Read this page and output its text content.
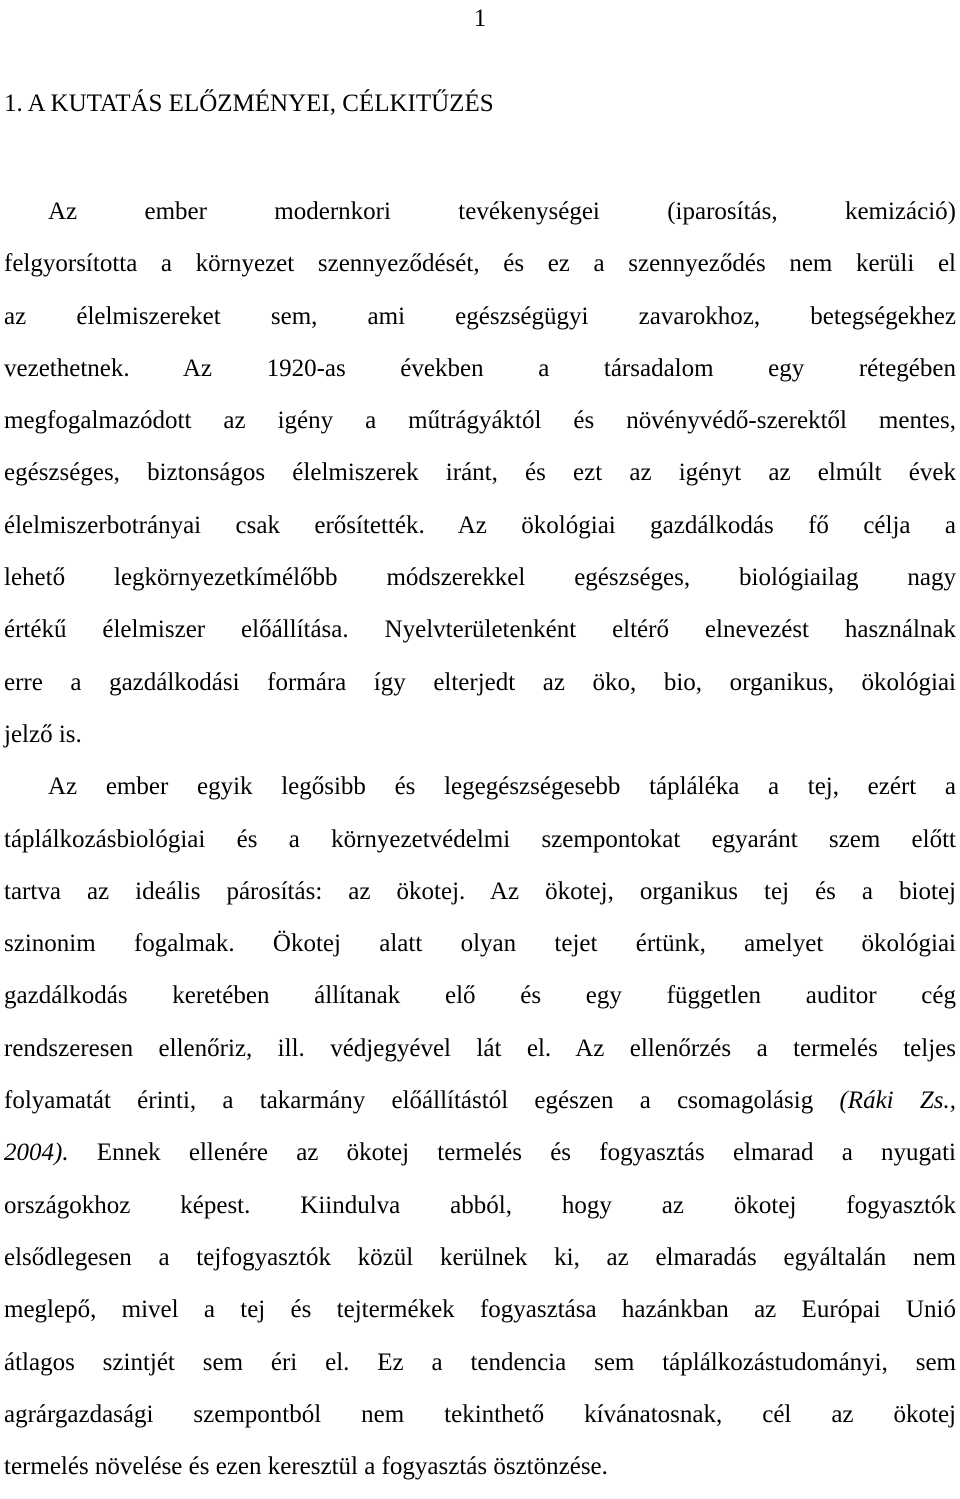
1
1. A KUTATÁS ELŐZMÉNYEI, CÉLKITŰZÉS
Az ember modernkori tevékenységei (iparosítás, kemizáció)
felgyorsította a környezet szennyeződését, és ez a szennyeződés nem kerüli el
az élelmiszereket sem, ami egészségügyi zavarokhoz, betegségekhez
vezethetnek. Az 1920-as években a társadalom egy rétegében
megfogalmazódott az igény a műtrágyáktól és növényvédő-szerektől mentes,
egészséges, biztonságos élelmiszerek iránt, és ezt az igényt az elmúlt évek
élelmiszerbotrányai csak erősítették. Az ökológiai gazdálkodás fő célja a
lehető legkörnyezetkímélőbb módszerekkel egészséges, biológiailag nagy
értékű élelmiszer előállítása. Nyelvterületenként eltérő elnevezést használnak
erre a gazdálkodási formára így elterjedt az öko, bio, organikus, ökológiai
jelző is.
Az ember egyik legősibb és legegészségesebb tápláléka a tej, ezért a
táplálkozásbiológiai és a környezetvédelmi szempontokat egyaránt szem előtt
tartva az ideális párosítás: az ökotej. Az ökotej, organikus tej és a biotej
szinonim fogalmak. Ökotej alatt olyan tejet értünk, amelyet ökológiai
gazdálkodás keretében állítanak elő és egy független auditor cég
rendszeresen ellenőriz, ill. védjegyével lát el. Az ellenőrzés a termelés teljes
folyamatát érinti, a takarmány előállítástól egészen a csomagolásig (Ráki Zs.,
2004). Ennek ellenére az ökotej termelés és fogyasztás elmarad a nyugati
országokhoz képest. Kiindulva abból, hogy az ökotej fogyasztók
elsődlegesen a tejfogyasztók közül kerülnek ki, az elmaradás egyáltalán nem
meglepő, mivel a tej és tejtermékek fogyasztása hazánkban az Európai Unió
átlagos szintjét sem éri el. Ez a tendencia sem táplálkozástudományi, sem
agrárgazdasági szempontból nem tekinthető kívánatosnak, cél az ökotej
termelés növelése és ezen keresztül a fogyasztás ösztönzése.
